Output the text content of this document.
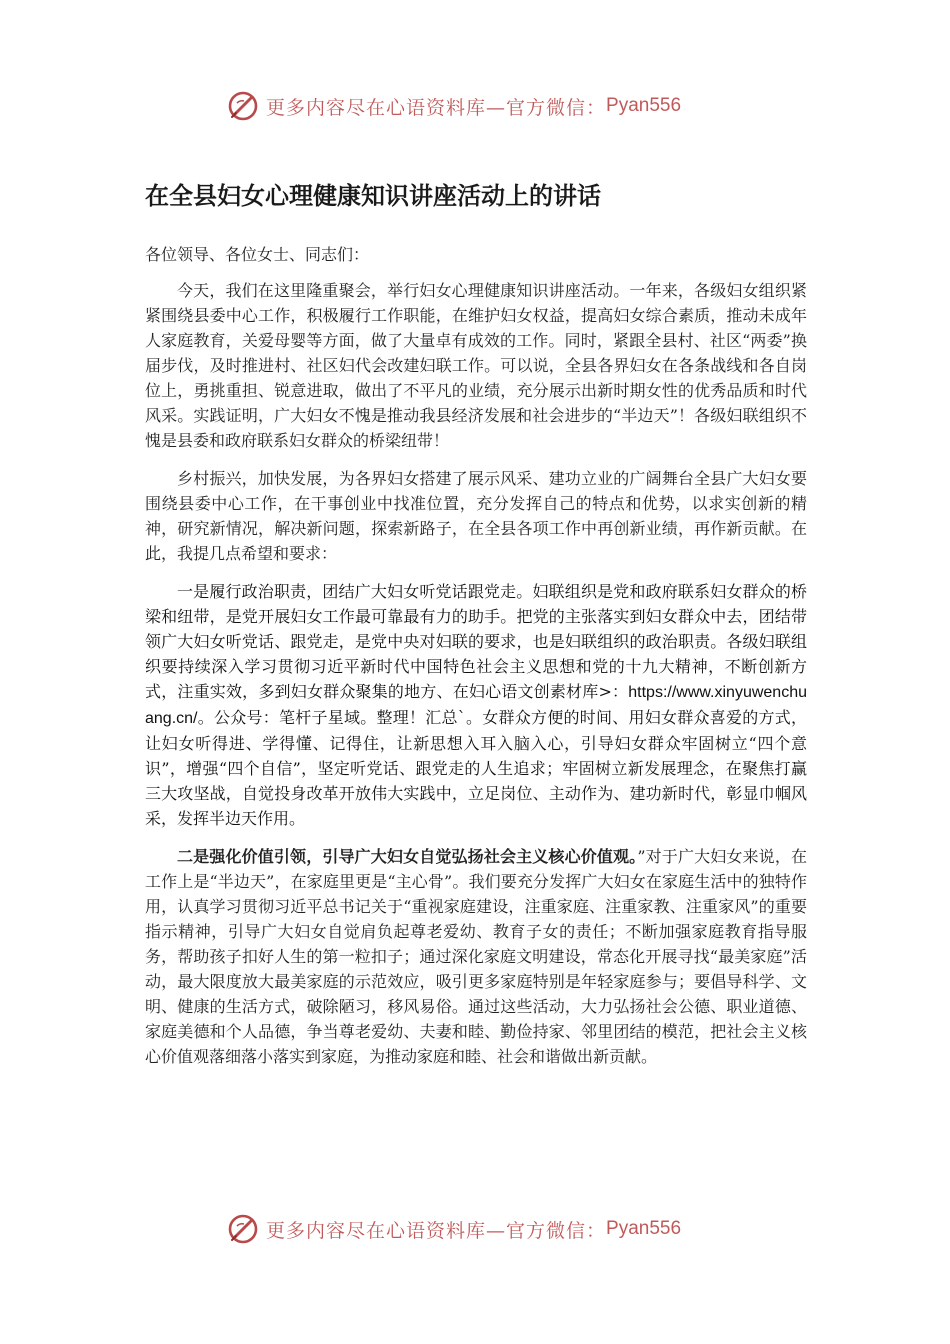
更多内容尽在心语资料库—官方微信： Pyan556
在全县妇女心理健康知识讲座活动上的讲话

各位领导、各位女士、同志们：

今天，我们在这里隆重聚会，举行妇女心理健康知识讲座活动。一年来，各级妇女组织紧紧围绕县委中心工作，积极履行工作职能，在维护妇女权益，提高妇女综合素质，推动未成年人家庭教育，关爱母婴等方面，做了大量卓有成效的工作。同时，紧跟全县村、社区“两委”换届步伐，及时推进村、社区妇代会改建妇联工作。可以说，全县各界妇女在各条战线和各自岗位上，勇挑重担、锐意进取，做出了不平凡的业绩，充分展示出新时期女性的优秀品质和时代风采。实践证明，广大妇女不愧是推动我县经济发展和社会进步的“半边天”！各级妇联组织不愧是县委和政府联系妇女群众的桥梁纽带！

乡村振兴，加快发展，为各界妇女搭建了展示风采、建功立业的广阔舞台全县广大妇女要围绕县委中心工作，在干事创业中找准位置，充分发挥自己的特点和优势，以求实创新的精神，研究新情况，解决新问题，探索新路子，在全县各项工作中再创新业绩，再作新贡献。在此，我提几点希望和要求：

一是履行政治职责，团结广大妇女听党话跟党走。妇联组织是党和政府联系妇女群众的桥梁和纽带，是党开展妇女工作最可靠最有力的助手。把党的主张落实到妇女群众中去，团结带领广大妇女听党话、跟党走，是党中央对妇联的要求，也是妇联组织的政治职责。各级妇联组织要持续深入学习贯彻习近平新时代中国特色社会主义思想和党的十九大精神，不断创新方式，注重实效，多到妇女群众聚集的地方、在妇心语文创素材库>：https://www.xinyuwenchuang.cn/。公众号：笔杆子星域。整理！汇总`。女群众方便的时间、用妇女群众喜爱的方式，让妇女听得进、学得懂、记得住，让新思想入耳入脑入心，引导妇女群众牢固树立“四个意识”，增强“四个自信”，坚定听党话、跟党走的人生追求；牢固树立新发展理念，在聚焦打赢三大攻坚战，自觉投身改革开放伟大实践中，立足岗位、主动作为、建功新时代，彰显巾帼风采，发挥半边天作用。

二是强化价值引领，引导广大妇女自觉弘扬社会主义核心价值观。”对于广大妇女来说，在工作上是“半边天”，在家庭里更是“主心骨”。我们要充分发挥广大妇女在家庭生活中的独特作用，认真学习贯彻习近平总书记关于“重视家庭建设，注重家庭、注重家教、注重家风”的重要指示精神，引导广大妇女自觉肩负起尊老爱幼、教育子女的责任；不断加强家庭教育指导服务，帮助孩子扣好人生的第一粒扣子；通过深化家庭文明建设，常态化开展寻找“最美家庭”活动，最大限度放大最美家庭的示范效应，吸引更多家庭特别是年轻家庭参与；要倡导科学、文明、健康的生活方式，破除陋习，移风易俗。通过这些活动，大力弘扬社会公德、职业道德、家庭美德和个人品德，争当尊老爱幼、夫妻和睦、勤俭持家、邻里团结的模范，把社会主义核心价值观落细落小落实到家庭，为推动家庭和睦、社会和谐做出新贡献。

更多内容尽在心语资料库—官方微信： Pyan556
